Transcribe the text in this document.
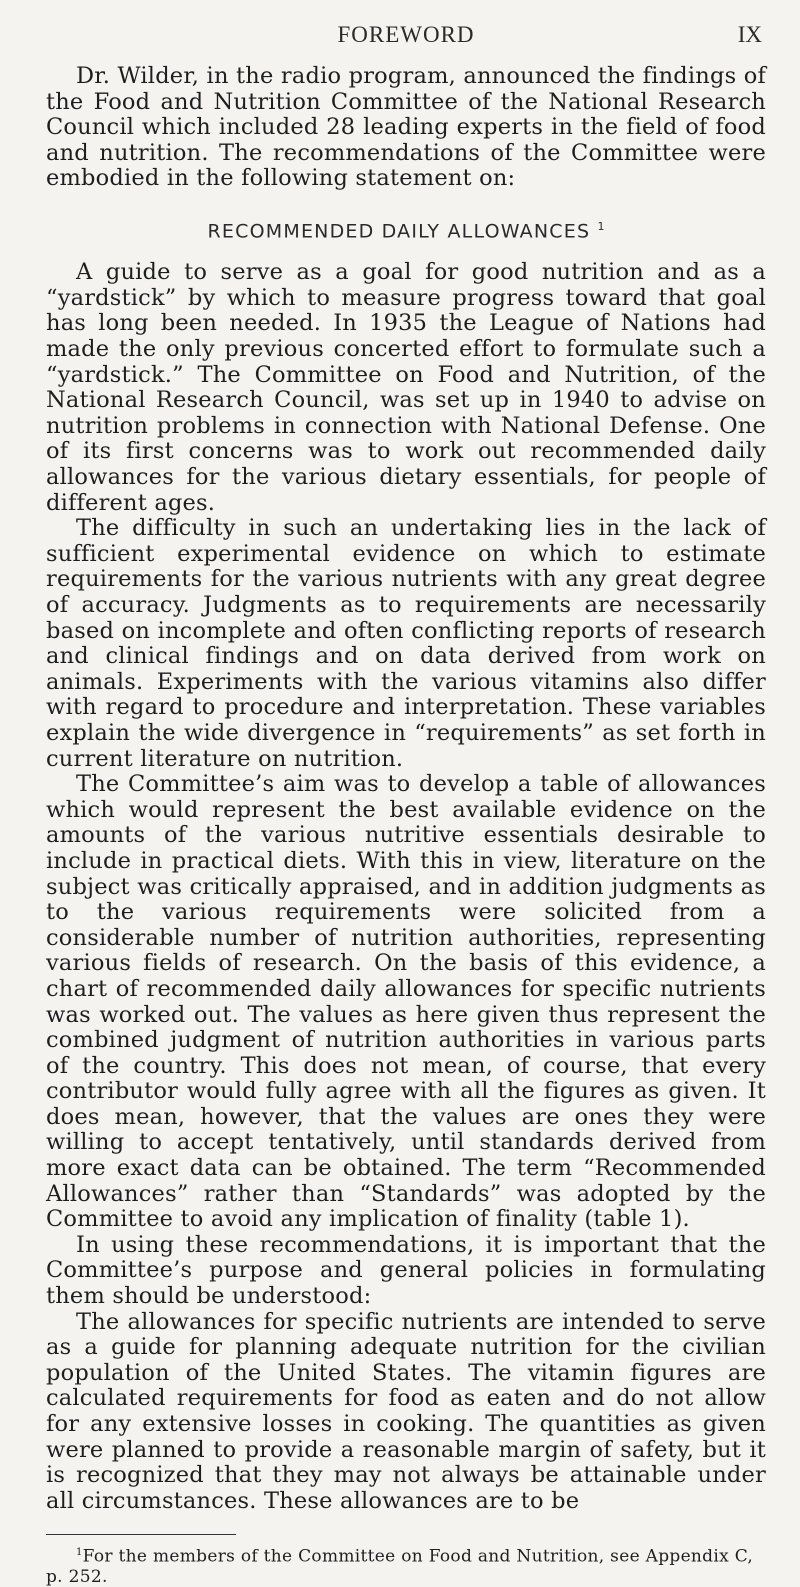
FOREWORD	IX

Dr. Wilder, in the radio program, announced the findings of the Food and Nutrition Committee of the National Research Council which included 28 leading experts in the field of food and nutrition. The recommendations of the Committee were embodied in the following statement on:

RECOMMENDED DAILY ALLOWANCES $^1$

A guide to serve as a goal for good nutrition and as a “yardstick” by which to measure progress toward that goal has long been needed. In 1935 the League of Nations had made the only previous concerted effort to formulate such a “yardstick.” The Committee on Food and Nutrition, of the National Research Council, was set up in 1940 to advise on nutrition problems in connection with National Defense. One of its first concerns was to work out recommended daily allowances for the various dietary essentials, for people of different ages.

The difficulty in such an undertaking lies in the lack of sufficient experimental evidence on which to estimate requirements for the various nutrients with any great degree of accuracy. Judgments as to requirements are necessarily based on incomplete and often conflicting reports of research and clinical findings and on data derived from work on animals. Experiments with the various vitamins also differ with regard to procedure and interpretation. These variables explain the wide divergence in “requirements” as set forth in current literature on nutrition.

The Committee’s aim was to develop a table of allowances which would represent the best available evidence on the amounts of the various nutritive essentials desirable to include in practical diets. With this in view, literature on the subject was critically appraised, and in addition judgments as to the various requirements were solicited from a considerable number of nutrition authorities, representing various fields of research. On the basis of this evidence, a chart of recommended daily allowances for specific nutrients was worked out. The values as here given thus represent the combined judgment of nutrition authorities in various parts of the country. This does not mean, of course, that every contributor would fully agree with all the figures as given. It does mean, however, that the values are ones they were willing to accept tentatively, until standards derived from more exact data can be obtained. The term “Recommended Allowances” rather than “Standards” was adopted by the Committee to avoid any implication of finality (table 1).

In using these recommendations, it is important that the Committee’s purpose and general policies in formulating them should be understood:

The allowances for specific nutrients are intended to serve as a guide for planning adequate nutrition for the civilian population of the United States. The vitamin figures are calculated requirements for food as eaten and do not allow for any extensive losses in cooking. The quantities as given were planned to provide a reasonable margin of safety, but it is recognized that they may not always be attainable under all circumstances. These allowances are to be

$^1$For the members of the Committee on Food and Nutrition, see Appendix C, p. 252.
